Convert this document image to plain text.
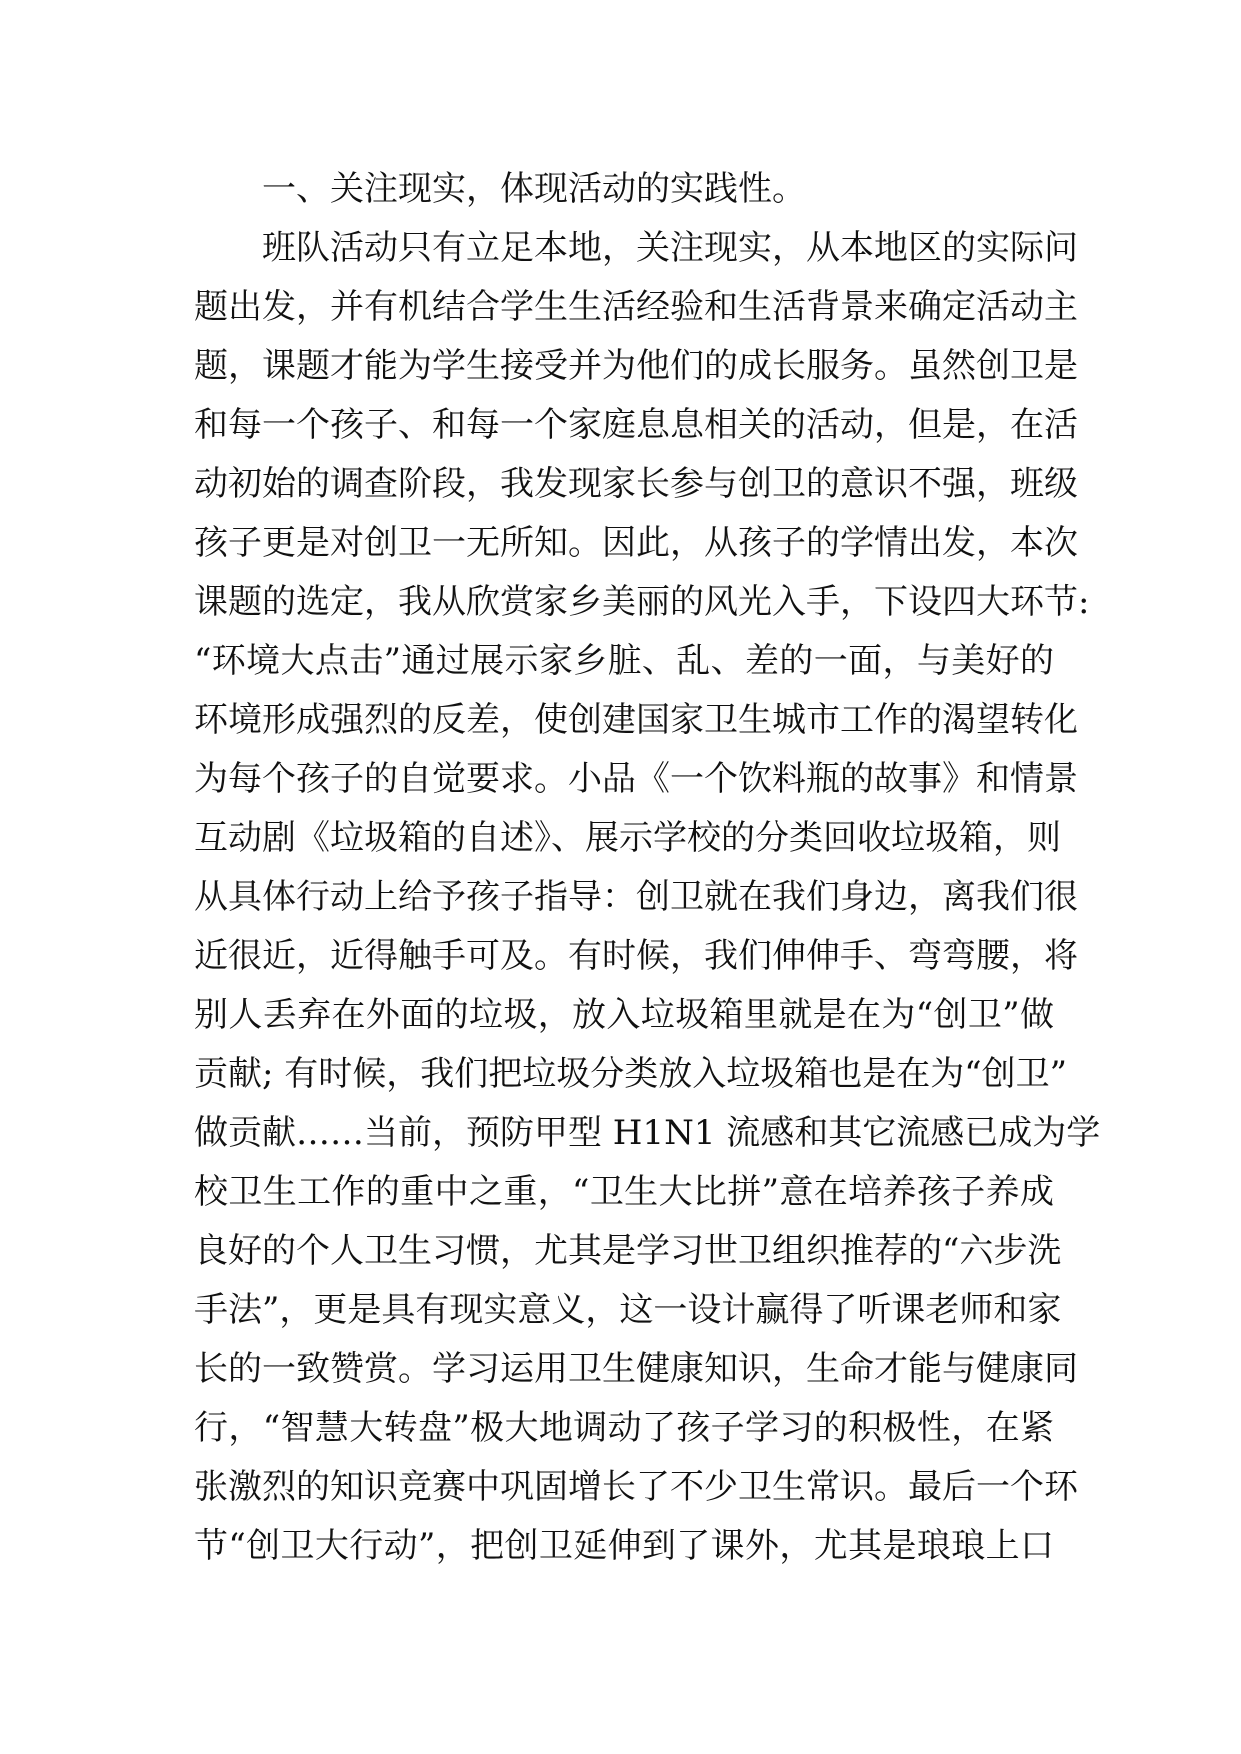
一、关注现实，体现活动的实践性。
班队活动只有立足本地，关注现实，从本地区的实际问
题出发，并有机结合学生生活经验和生活背景来确定活动主
题，课题才能为学生接受并为他们的成长服务。虽然创卫是
和每一个孩子、和每一个家庭息息相关的活动，但是，在活
动初始的调查阶段，我发现家长参与创卫的意识不强，班级
孩子更是对创卫一无所知。因此，从孩子的学情出发，本次
课题的选定，我从欣赏家乡美丽的风光入手，下设四大环节:
“环境大点击”通过展示家乡脏、乱、差的一面，与美好的
环境形成强烈的反差，使创建国家卫生城市工作的渴望转化
为每个孩子的自觉要求。小品《一个饮料瓶的故事》和情景
互动剧《垃圾箱的自述》、展示学校的分类回收垃圾箱，则
从具体行动上给予孩子指导：创卫就在我们身边，离我们很
近很近，近得触手可及。有时候，我们伸伸手、弯弯腰，将
别人丢弃在外面的垃圾，放入垃圾箱里就是在为“创卫”做
贡献; 有时候，我们把垃圾分类放入垃圾箱也是在为“创卫”
做贡献……当前，预防甲型 H1N1 流感和其它流感已成为学
校卫生工作的重中之重，“卫生大比拼”意在培养孩子养成
良好的个人卫生习惯，尤其是学习世卫组织推荐的“六步洗
手法”，更是具有现实意义，这一设计赢得了听课老师和家
长的一致赞赏。学习运用卫生健康知识，生命才能与健康同
行，“智慧大转盘”极大地调动了孩子学习的积极性，在紧
张激烈的知识竞赛中巩固增长了不少卫生常识。最后一个环
节“创卫大行动”，把创卫延伸到了课外，尤其是琅琅上口
